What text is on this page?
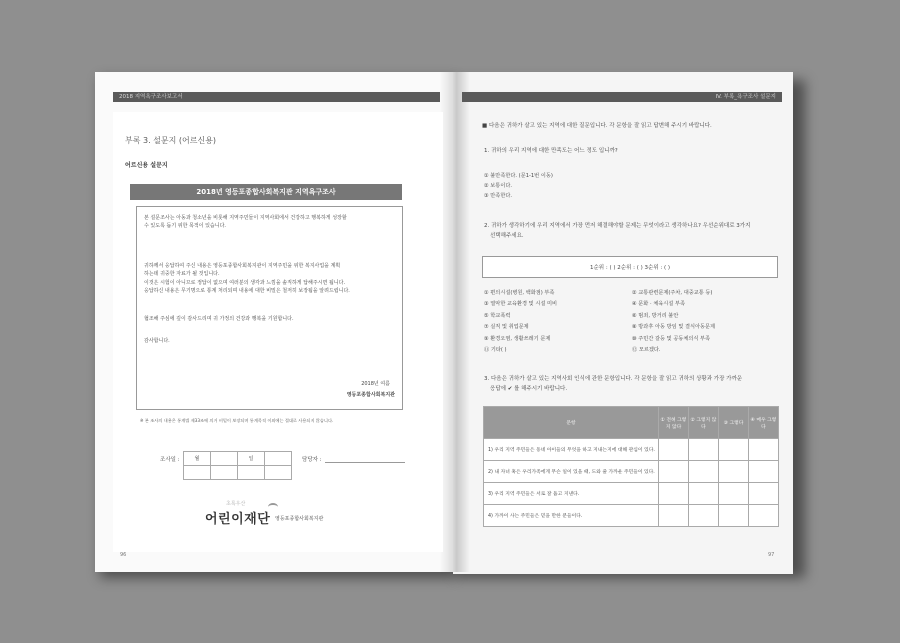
2018 지역욕구조사보고서
부록 3. 설문지 (어르신용)
어르신용 설문지
2018년 영등포종합사회복지관 지역욕구조사
본 설문조사는 아동과 청소년을 비롯해 지역주민들이 지역사회에서 건강하고 행복하게 성장할
수 있도록 돕기 위한 목적이 있습니다.
귀하께서 응답하여 주신 내용은 영등포종합사회복지관이 지역주민을 위한 복지사업을 계획
하는데 귀중한 자료가 될 것입니다.
이것은 시험이 아니므로 정답이 없으며 여러분의 생각과 느낌을 솔직하게 답해주시면 됩니다.
응답하신 내용은 무기명으로 통계 처리되며 내용에 대한 비밀은 철저히 보장됨을 알려드립니다.
협조해 주심에 깊이 감사드리며 귀 가정의 건강과 행복을 기원합니다.
감사합니다.
2018년 여름
영등포종합사회복지관
※ 본 조사의 내용은 통계법 제33조에 의거 비밀이 보장되며 통계목적 이외에는 절대로 사용되지 않습니다.
조사일 :	월		일	
				담당자 :
초록우산
어린이재단 영등포종합사회복지관
96
IV. 부록_욕구조사 설문지
■ 다음은 귀하가 살고 있는 지역에 대한 질문입니다. 각 문항을 잘 읽고 답변해 주시기 바랍니다.
1. 귀하의 우리 지역에 대한 만족도는 어느 정도 입니까?
① 불만족한다. (문1-1번 이동)
② 보통이다.
③ 만족한다.
2. 귀하가 생각하기에 우리 지역에서 가장 먼저 해결해야할 문제는 무엇이라고 생각하나요? 우선순위대로 3가지
선택해주세요.
1순위 : ( ) 2순위 : ( ) 3순위 : ( )
① 편의시설(병원, 백화점) 부족
③ 열악한 교육환경 및 시설 미비
⑤ 학교폭력
⑦ 실직 및 취업문제
⑨ 환경오염, 생활쓰레기 문제
⑪ 기타( )
② 교통관련문제(주차, 대중교통 등)
④ 문화 · 체육시설 부족
⑥ 범죄, 방거리 불안
⑧ 방과후 아동 방임 및 결식아동문제
⑩ 주민간 갈등 및 공동체의식 부족
⑫ 모르겠다.
3. 다음은 귀하가 살고 있는 지역사회 인식에 관한 문항입니다. 각 문항을 잘 읽고 귀하의 상황과 가장 가까운
응답에 ✔ 를 해주시기 바랍니다.
문항	① 전혀 그렇지 않다	② 그렇지 않다	③ 그렇다	④ 매우 그렇다
1) 우리 지역 주민들은 동네 아이들의 무엇을 하고 지내는지에 대해 관심이 있다.				
2) 내 자녀 혹은 우리가족에게 무슨 일이 있을 때, 도와 줄 가까운 주민들이 있다.				
3) 우리 지역 주민들은 서로 잘 돕고 지낸다.				
4) 가까이 사는 주민들은 믿을 만한 분들이다.				
97
